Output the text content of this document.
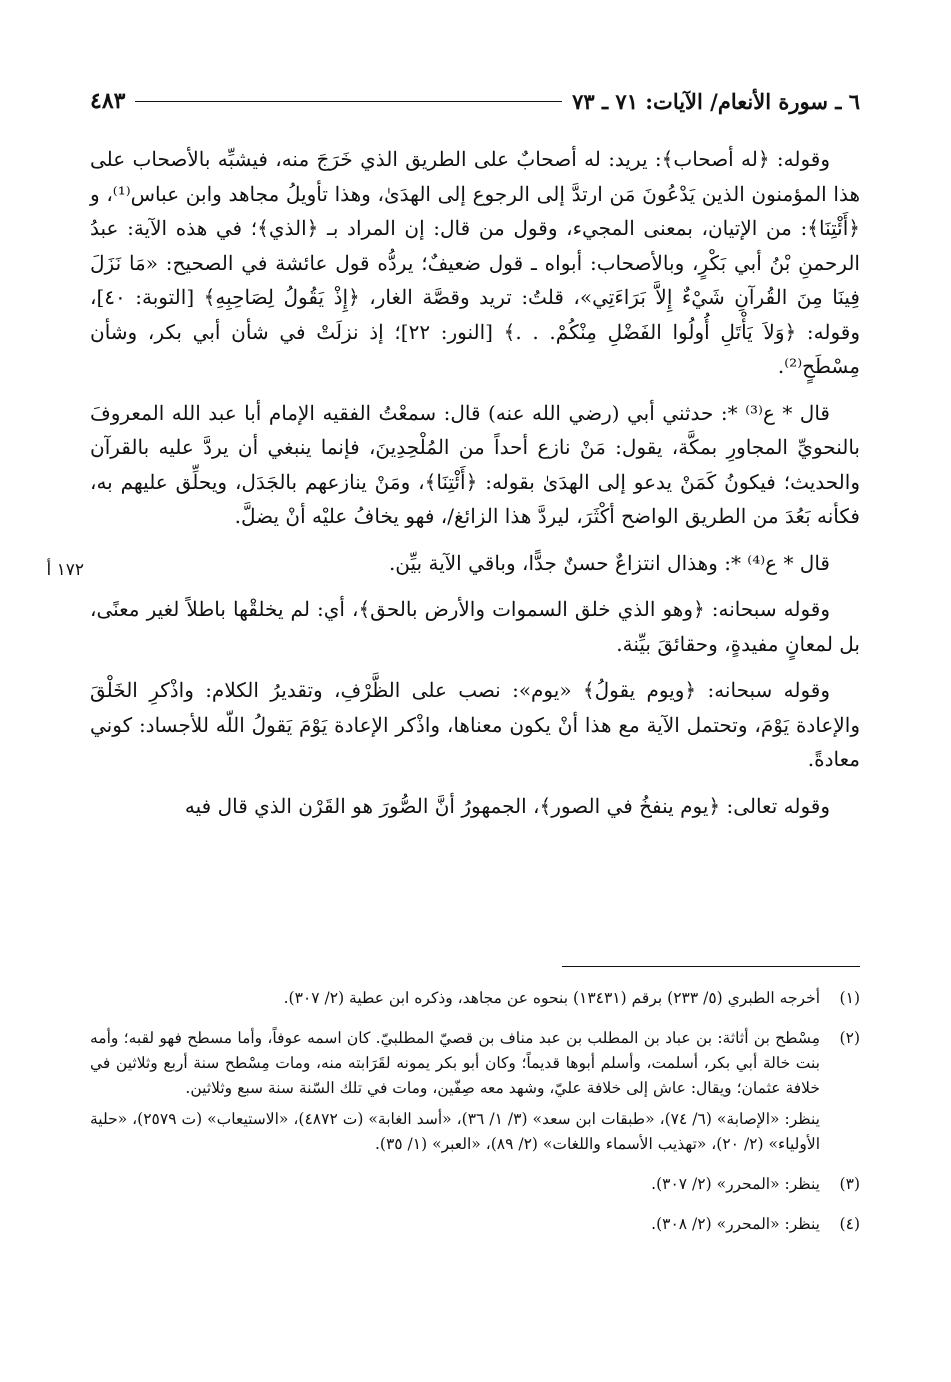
٦ ـ سورة الأنعام/ الآيات: ٧١ ـ ٧٣
٤٨٣
١٧٢ أ

وقوله: ﴿له أصحاب﴾: يريد: له أصحابٌ على الطريق الذي خَرَجَ منه، فيشبِّه بالأصحاب على هذا المؤمنون الذين يَدْعُونَ مَن ارتدَّ إلى الرجوع إلى الهدَىٰ، وهذا تأويلُ مجاهد وابن عباس⁽¹⁾، و ﴿أَئْتِنَا﴾: من الإتيان، بمعنى المجيء، وقول من قال: إن المراد بـ ﴿الذي﴾؛ في هذه الآية: عبدُ الرحمنِ بْنُ أبي بَكْرٍ، وبالأصحاب: أبواه ـ قول ضعيفٌ؛ يردُّه قول عائشة في الصحيح: «مَا نَزَلَ فِينَا مِنَ القُرآنِ شَيْءٌ إِلاَّ بَرَاءَتِي»، قلتُ: تريد وقصَّة الغار، ﴿إِذْ يَقُولُ لِصَاحِبِهِ﴾ [التوبة: ٤٠]، وقوله: ﴿وَلاَ يَأْتَلِ أُولُوا الفَضْلِ مِنْكُمْ. . .﴾ [النور: ٢٢]؛ إذ نزلَتْ في شأن أبي بكر، وشأن مِسْطَحٍ⁽²⁾.

قال * ع⁽³⁾ *: حدثني أبي (رضي الله عنه) قال: سمعْتُ الفقيه الإمام أبا عبد الله المعروفَ بالنحويِّ المجاورِ بمكَّة، يقول: مَنْ نازع أحداً من المُلْحِدِينَ، فإنما ينبغي أن يردَّ عليه بالقرآن والحديث؛ فيكونُ كَمَنْ يدعو إلى الهدَىٰ بقوله: ﴿أَئْتِنَا﴾، ومَنْ ينازعهم بالجَدَل، ويحلِّق عليهم به، فكأنه بَعُدَ من الطريق الواضح أكْثَرَ، ليردَّ هذا الزائغ/، فهو يخافُ عليْه أنْ يضلَّ.

قال * ع⁽⁴⁾ *: وهذال انتزاعٌ حسنٌ جدًّا، وباقي الآية بيِّن.

وقوله سبحانه: ﴿وهو الذي خلق السموات والأرض بالحق﴾، أي: لم يخلقْها باطلاً لغير معنًى، بل لمعانٍ مفيدةٍ، وحقائقَ بيِّنة.

وقوله سبحانه: ﴿ويوم يقولُ﴾ «يوم»: نصب على الظَّرْفِ، وتقديرُ الكلام: واذْكرِ الخَلْقَ والإعادة يَوْمَ، وتحتمل الآية مع هذا أنْ يكون معناها، واذْكر الإعادة يَوْمَ يَقولُ اللّه للأجساد: كوني معادةً.

وقوله تعالى: ﴿يوم ينفخُ في الصور﴾، الجمهورُ أنَّ الصُّورَ هو القَرْن الذي قال فيه

(١)

أخرجه الطبري (٥/ ٢٣٣) برقم (١٣٤٣١) بنحوه عن مجاهد، وذكره ابن عطية (٢/ ٣٠٧).

(٢)

مِسْطح بن أثاثة: بن عباد بن المطلب بن عبد مناف بن قصيّ المطلبيّ. كان اسمه عوفاً، وأما مسطح فهو لقبه؛ وأمه بنت خالة أبي بكر، أسلمت، وأسلم أبوها قديماً؛ وكان أبو بكر يمونه لقَرَابته منه، ومات مِسْطح سنة أربع وثلاثين في خلافة عثمان؛ ويقال: عاش إلى خلافة عليّ، وشهد معه صِفّين، ومات في تلك السّنة سنة سبع وثلاثين.

ينظر: «الإصابة» (٦/ ٧٤)، «طبقات ابن سعد» (٣/ ١/ ٣٦)، «أسد الغابة» (ت ٤٨٧٢)، «الاستيعاب» (ت ٢٥٧٩)، «حلية الأولياء» (٢/ ٢٠)، «تهذيب الأسماء واللغات» (٢/ ٨٩)، «العبر» (١/ ٣٥).

(٣)

ينظر: «المحرر» (٢/ ٣٠٧).

(٤)

ينظر: «المحرر» (٢/ ٣٠٨).
